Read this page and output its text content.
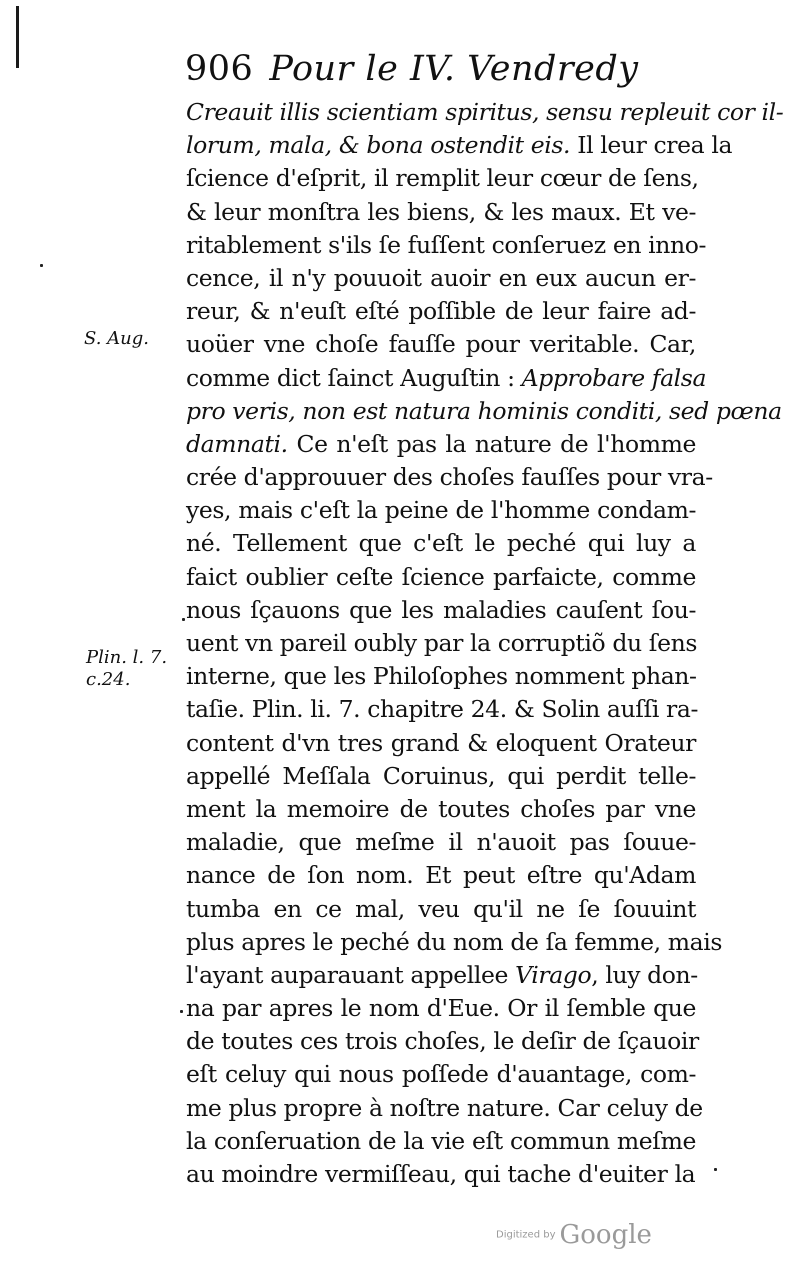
906 Pour le IV. Vendredy
S. Aug.
Plin. l. 7.
c.24.
Creauit illis scientiam spiritus, sensu repleuit cor il-
lorum, mala, & bona ostendit eis. Il leur crea la
ſcience d'eſprit, il remplit leur cœur de ſens,
& leur monſtra les biens, & les maux. Et ve-
ritablement s'ils ſe fuſſent conſeruez en inno-
cence, il n'y pouuoit auoir en eux aucun er-
reur, & n'euſt eſté poſſible de leur faire ad-
uoüer vne choſe fauſſe pour veritable. Car,
comme dict ſainct Auguſtin : Approbare falsa
pro veris, non est natura hominis conditi, sed pœna
damnati. Ce n'eſt pas la nature de l'homme
crée d'approuuer des choſes fauſſes pour vra-
yes, mais c'eſt la peine de l'homme condam-
né. Tellement que c'eſt le peché qui luy a
faict oublier ceſte ſcience parfaicte, comme
nous ſçauons que les maladies cauſent ſou-
uent vn pareil oubly par la corruptiõ du ſens
interne, que les Philoſophes nomment phan-
taſie. Plin. li. 7. chapitre 24. & Solin auſſi ra-
content d'vn tres grand & eloquent Orateur
appellé Meſſala Coruinus, qui perdit telle-
ment la memoire de toutes choſes par vne
maladie, que meſme il n'auoit pas ſouue-
nance de ſon nom. Et peut eſtre qu'Adam
tumba en ce mal, veu qu'il ne ſe ſouuint
plus apres le peché du nom de ſa femme, mais
l'ayant auparauant appellee Virago, luy don-
na par apres le nom d'Eue. Or il ſemble que
de toutes ces trois choſes, le deſir de ſçauoir
eſt celuy qui nous poſſede d'auantage, com-
me plus propre à noſtre nature. Car celuy de
la conſeruation de la vie eſt commun meſme
au moindre vermiſſeau, qui tache d'euiter la
Digitized by Google
